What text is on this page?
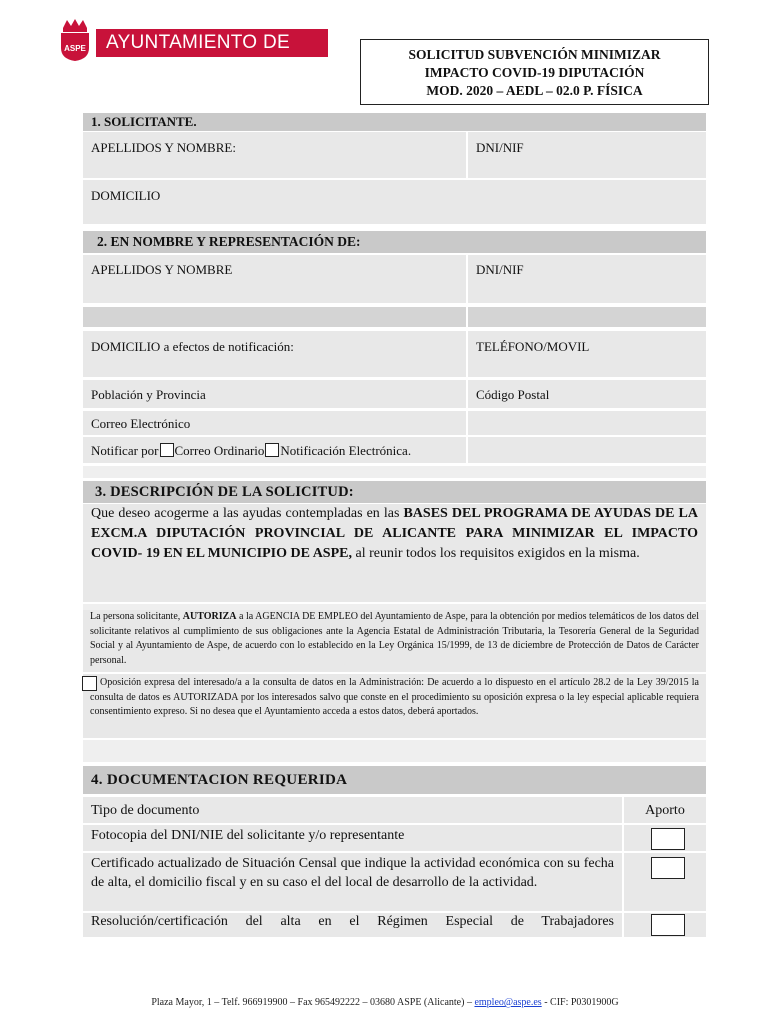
ASPE	AYUNTAMIENTO DE ASPE
SOLICITUD SUBVENCIÓN MINIMIZAR
IMPACTO COVID-19 DIPUTACIÓN
MOD. 2020 – AEDL – 02.0 P. FÍSICA
1. SOLICITANTE.
APELLIDOS Y NOMBRE:	DNI/NIF
DOMICILIO
2. EN NOMBRE Y REPRESENTACIÓN DE:
APELLIDOS Y NOMBRE	DNI/NIF
DOMICILIO a efectos de notificación:	TELÉFONO/MOVIL
Población y Provincia	Código Postal
Correo Electrónico
Notificar por Correo Ordinario Notificación Electrónica.
3. DESCRIPCIÓN DE LA SOLICITUD:
Que deseo acogerme a las ayudas contempladas en las BASES DEL PROGRAMA DE AYUDAS DE LA EXCM.A DIPUTACIÓN PROVINCIAL DE ALICANTE PARA MINIMIZAR EL IMPACTO COVID- 19 EN EL MUNICIPIO DE ASPE, al reunir todos los requisitos exigidos en la misma.
La persona solicitante, AUTORIZA a la AGENCIA DE EMPLEO del Ayuntamiento de Aspe, para la obtención por medios telemáticos de los datos del solicitante relativos al cumplimiento de sus obligaciones ante la Agencia Estatal de Administración Tributaria, la Tesorería General de la Seguridad Social y al Ayuntamiento de Aspe, de acuerdo con lo establecido en la Ley Orgánica 15/1999, de 13 de diciembre de Protección de Datos de Carácter personal.
Oposición expresa del interesado/a a la consulta de datos en la Administración: De acuerdo a lo dispuesto en el artículo 28.2 de la Ley 39/2015 la consulta de datos es AUTORIZADA por los interesados salvo que conste en el procedimiento su oposición expresa o la ley especial aplicable requiera consentimiento expreso. Si no desea que el Ayuntamiento acceda a estos datos, deberá aportados.
4. DOCUMENTACION REQUERIDA
Tipo de documento	Aporto
Fotocopia del DNI/NIE del solicitante y/o representante
Certificado actualizado de Situación Censal que indique la actividad económica con su fecha de alta, el domicilio fiscal y en su caso el del local de desarrollo de la actividad.
Resolución/certificación del alta en el Régimen Especial de Trabajadores
Plaza Mayor, 1 – Telf. 966919900 – Fax 965492222 – 03680 ASPE (Alicante) – empleo@aspe.es - CIF: P0301900G
